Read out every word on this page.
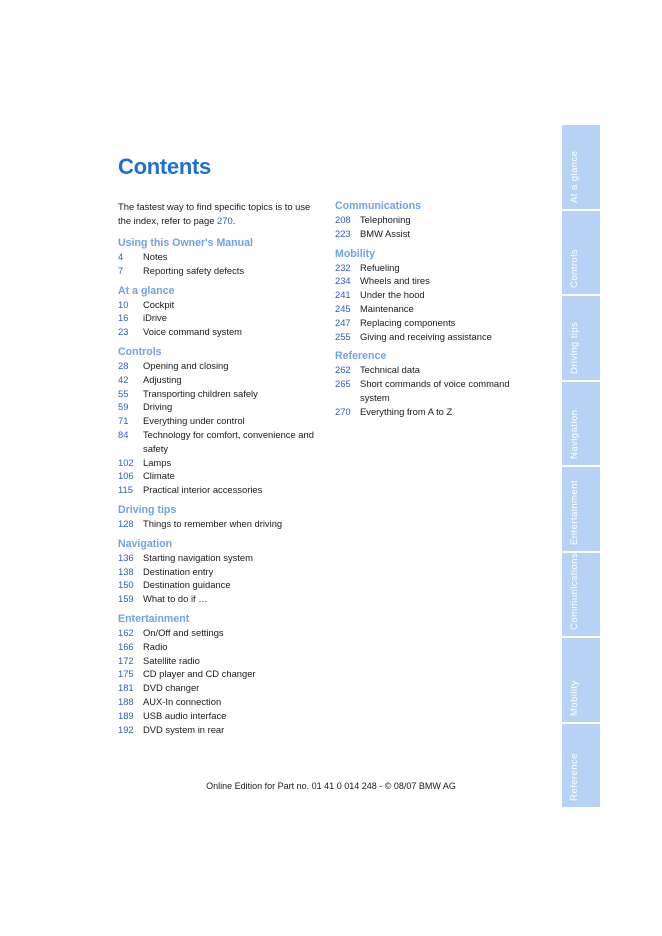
Contents
The fastest way to find specific topics is to use the index, refer to page 270.
Using this Owner's Manual
4 Notes
7 Reporting safety defects
At a glance
10 Cockpit
16 iDrive
23 Voice command system
Controls
28 Opening and closing
42 Adjusting
55 Transporting children safely
59 Driving
71 Everything under control
84 Technology for comfort, convenience and safety
102 Lamps
106 Climate
115 Practical interior accessories
Driving tips
128 Things to remember when driving
Navigation
136 Starting navigation system
138 Destination entry
150 Destination guidance
159 What to do if …
Entertainment
162 On/Off and settings
166 Radio
172 Satellite radio
175 CD player and CD changer
181 DVD changer
188 AUX-In connection
189 USB audio interface
192 DVD system in rear
Communications
208 Telephoning
223 BMW Assist
Mobility
232 Refueling
234 Wheels and tires
241 Under the hood
245 Maintenance
247 Replacing components
255 Giving and receiving assistance
Reference
262 Technical data
265 Short commands of voice command system
270 Everything from A to Z
At a glance
Controls
Driving tips
Navigation
Entertainment
Communications
Mobility
Reference
Online Edition for Part no. 01 41 0 014 248 - © 08/07 BMW AG
